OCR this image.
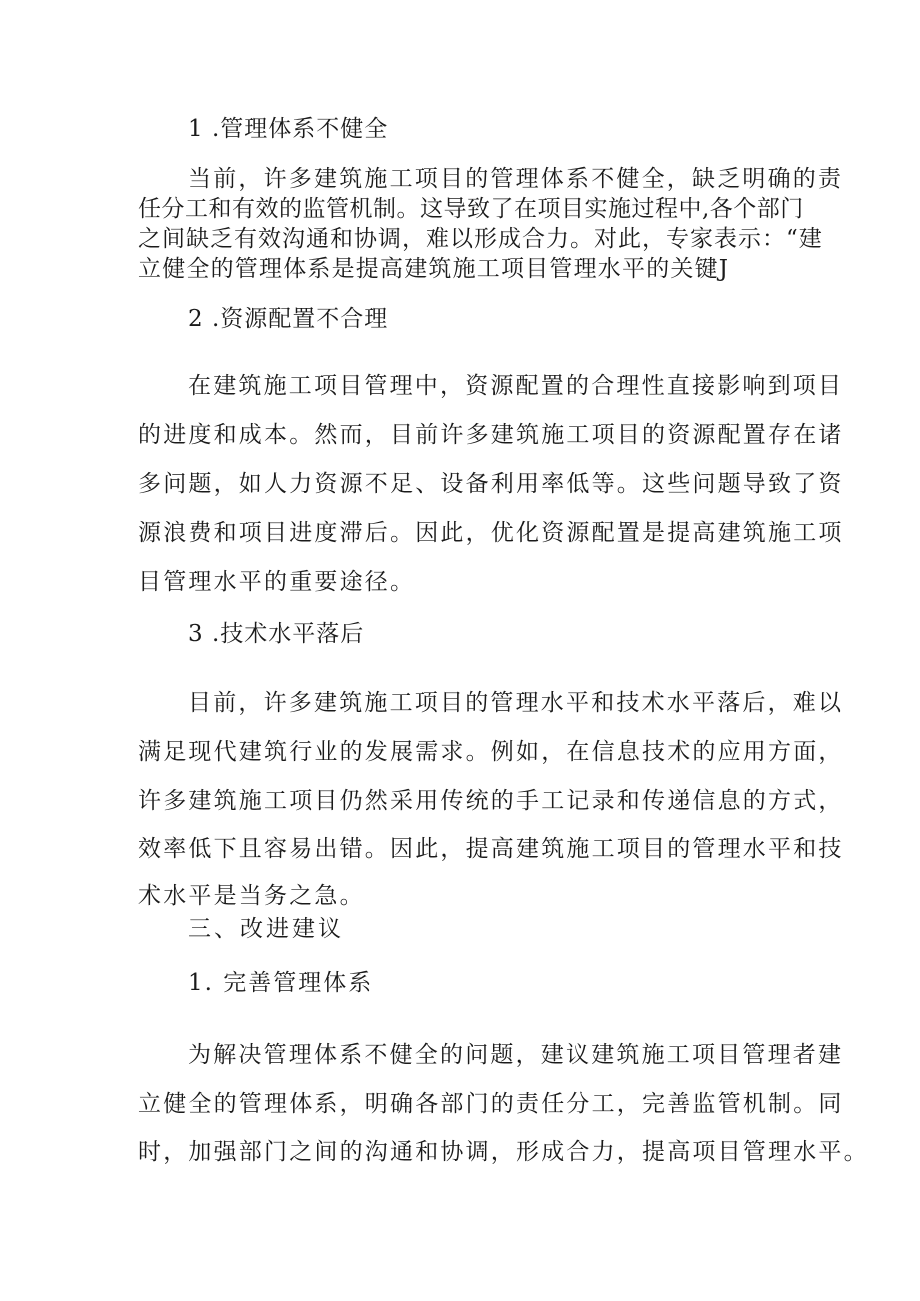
1 .管理体系不健全
当前，许多建筑施工项目的管理体系不健全，缺乏明确的责
任分工和有效的监管机制。这导致了在项目实施过程中,各个部门
之间缺乏有效沟通和协调，难以形成合力。对此，专家表示：“建
立健全的管理体系是提高建筑施工项目管理水平的关键J
2 .资源配置不合理
在建筑施工项目管理中，资源配置的合理性直接影响到项目
的进度和成本。然而，目前许多建筑施工项目的资源配置存在诸
多问题，如人力资源不足、设备利用率低等。这些问题导致了资
源浪费和项目进度滞后。因此，优化资源配置是提高建筑施工项
目管理水平的重要途径。
3 .技术水平落后
目前，许多建筑施工项目的管理水平和技术水平落后，难以
满足现代建筑行业的发展需求。例如，在信息技术的应用方面，
许多建筑施工项目仍然采用传统的手工记录和传递信息的方式，
效率低下且容易出错。因此，提高建筑施工项目的管理水平和技
术水平是当务之急。
三、改进建议
1. 完善管理体系
为解决管理体系不健全的问题，建议建筑施工项目管理者建
立健全的管理体系，明确各部门的责任分工，完善监管机制。同
时，加强部门之间的沟通和协调，形成合力，提高项目管理水平。
